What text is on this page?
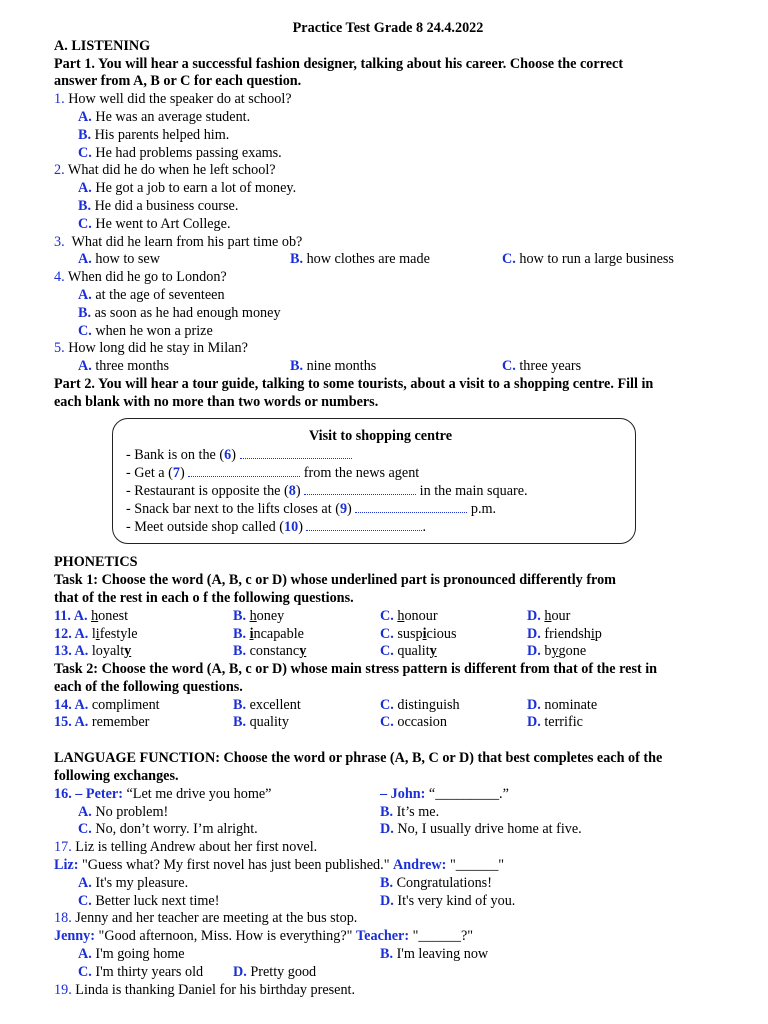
Practice Test Grade 8 24.4.2022
A. LISTENING
Part 1. You will hear a successful fashion designer, talking about his career. Choose the correct
answer from A, B or C for each question.
1. How well did the speaker do at school?
A. He was an average student.
B. His parents helped him.
C. He had problems passing exams.
2. What did he do when he left school?
A. He got a job to earn a lot of money.
B. He did a business course.
C. He went to Art College.
3.  What did he learn from his part time ob?
A. how to sew	B. how clothes are made	C. how to run a large business
4. When did he go to London?
A. at the age of seventeen
B. as soon as he had enough money
C. when he won a prize
5. How long did he stay in Milan?
A. three months	B. nine months	C. three years
Part 2. You will hear a tour guide, talking to some tourists, about a visit to a shopping centre. Fill in
each blank with no more than two words or numbers.
Visit to shopping centre
- Bank is on the (6)
- Get a (7)	from the news agent
- Restaurant is opposite the (8)	in the main square.
- Snack bar next to the lifts closes at (9)	p.m.
- Meet outside shop called (10)	.
PHONETICS
Task 1: Choose the word (A, B, c or D) whose underlined part is pronounced differently from
that of the rest in each o f the following questions.
11. A. honest	B. honey	C. honour	D. hour
12. A. lifestyle	B. incapable	C. suspicious	D. friendship
13. A. loyalty	B. constancy	C. quality	D. bygone
Task 2: Choose the word (A, B, c or D) whose main stress pattern is different from that of the rest in
each of the following questions.
14. A. compliment	B. excellent	C. distinguish	D. nominate
15. A. remember	B. quality	C. occasion	D. terrific
LANGUAGE FUNCTION: Choose the word or phrase (A, B, C or D) that best completes each of the
following exchanges.
16. – Peter: “Let me drive you home”	– John: “_________.”
A. No problem!	B. It’s me.
C. No, don’t worry. I’m alright.	D. No, I usually drive home at five.
17. Liz is telling Andrew about her first novel.
Liz: "Guess what? My first novel has just been published." Andrew: "______"
A. It's my pleasure.	B. Congratulations!
C. Better luck next time!	D. It's very kind of you.
18. Jenny and her teacher are meeting at the bus stop.
Jenny: "Good afternoon, Miss. How is everything?" Teacher: "______?"
A. I'm going home	B. I'm leaving now
C. I'm thirty years old D. Pretty good
19. Linda is thanking Daniel for his birthday present.
